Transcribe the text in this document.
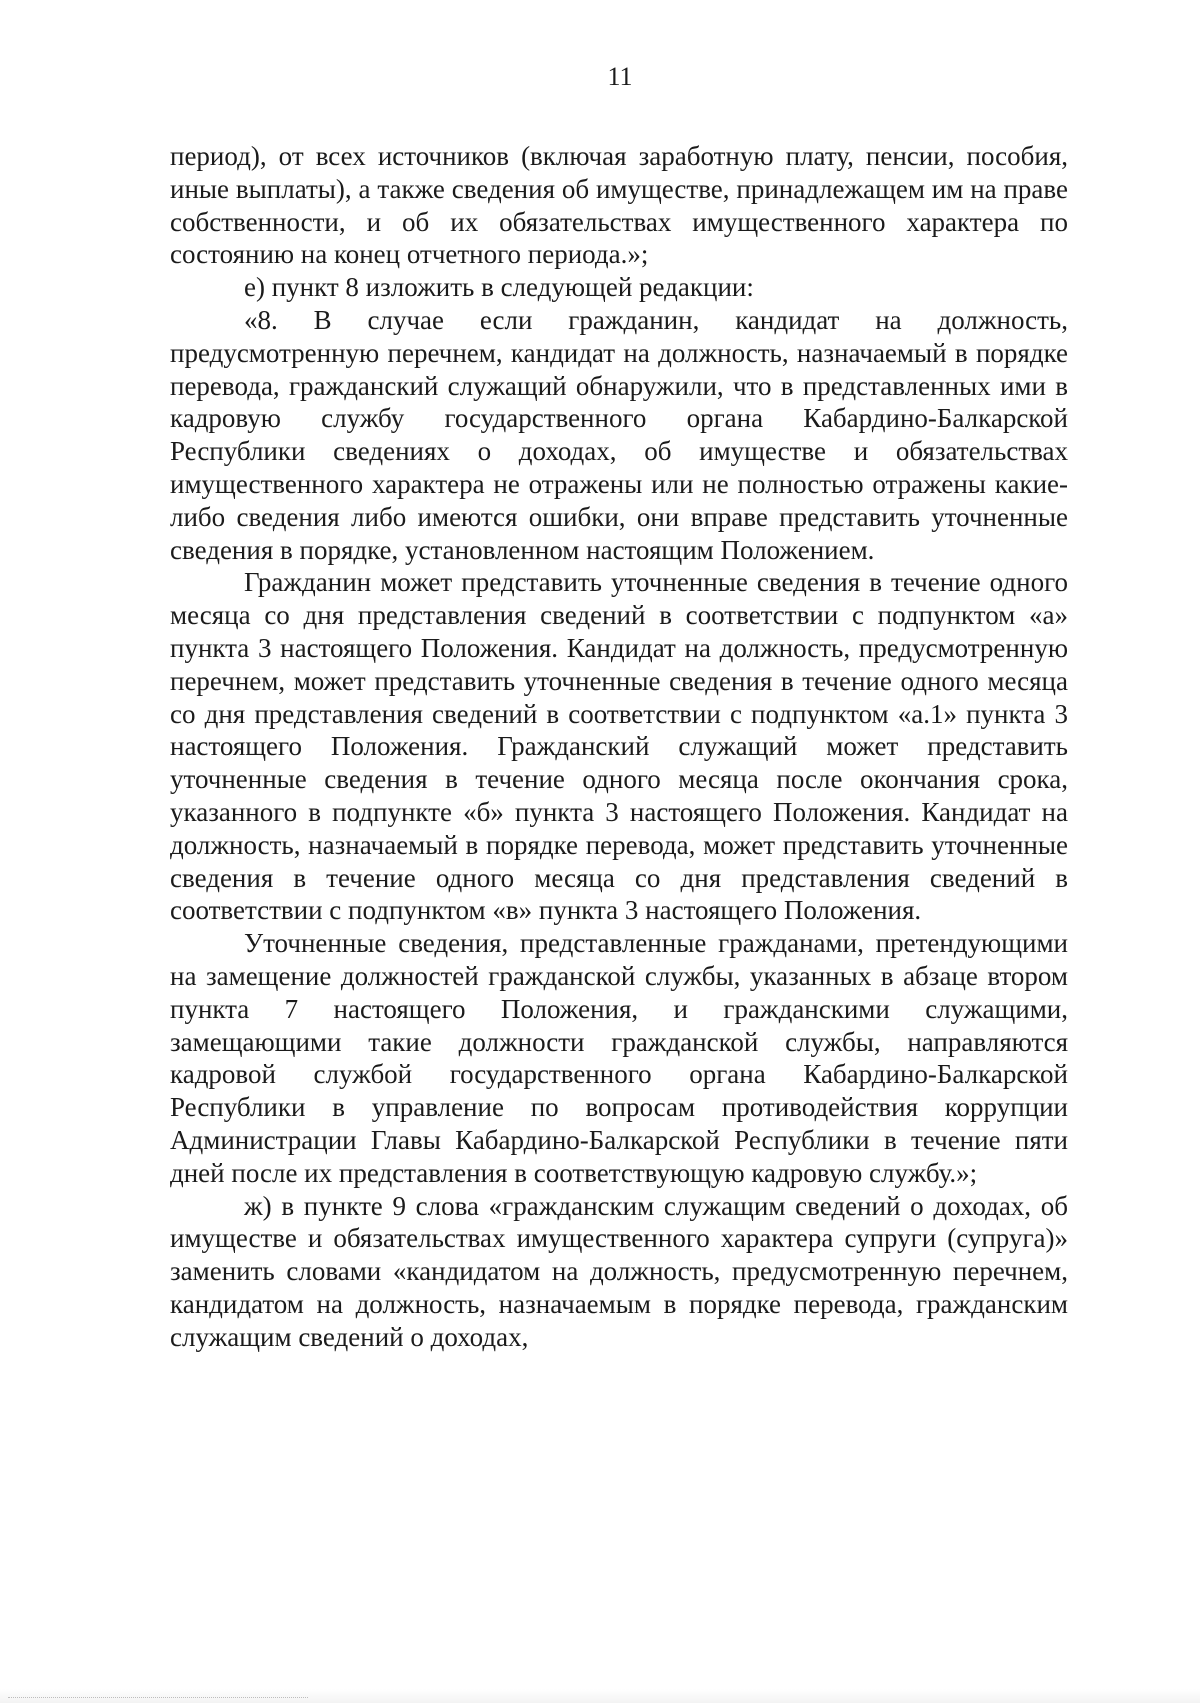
11

период), от всех источников (включая заработную плату, пенсии, пособия, иные выплаты), а также сведения об имуществе, принадлежащем им на праве собственности, и об их обязательствах имущественного характера по состоянию на конец отчетного периода.»;

е) пункт 8 изложить в следующей редакции:

«8. В случае если гражданин, кандидат на должность, предусмотренную перечнем, кандидат на должность, назначаемый в порядке перевода, гражданский служащий обнаружили, что в представленных ими в кадровую службу государственного органа Кабардино-Балкарской Республики сведениях о доходах, об имуществе и обязательствах имущественного характера не отражены или не полностью отражены какие-либо сведения либо имеются ошибки, они вправе представить уточненные сведения в порядке, установленном настоящим Положением.

Гражданин может представить уточненные сведения в течение одного месяца со дня представления сведений в соответствии с подпунктом «а» пункта 3 настоящего Положения. Кандидат на должность, предусмотренную перечнем, может представить уточненные сведения в течение одного месяца со дня представления сведений в соответствии с подпунктом «а.1» пункта 3 настоящего Положения. Гражданский служащий может представить уточненные сведения в течение одного месяца после окончания срока, указанного в подпункте «б» пункта 3 настоящего Положения. Кандидат на должность, назначаемый в порядке перевода, может представить уточненные сведения в течение одного месяца со дня представления сведений в соответствии с подпунктом «в» пункта 3 настоящего Положения.

Уточненные сведения, представленные гражданами, претендующими на замещение должностей гражданской службы, указанных в абзаце втором пункта 7 настоящего Положения, и гражданскими служащими, замещающими такие должности гражданской службы, направляются кадровой службой государственного органа Кабардино-Балкарской Республики в управление по вопросам противодействия коррупции Администрации Главы Кабардино-Балкарской Республики в течение пяти дней после их представления в соответствующую кадровую службу.»;

ж) в пункте 9 слова «гражданским служащим сведений о доходах, об имуществе и обязательствах имущественного характера супруги (супруга)» заменить словами «кандидатом на должность, предусмотренную перечнем, кандидатом на должность, назначаемым в порядке перевода, гражданским служащим сведений о доходах,
